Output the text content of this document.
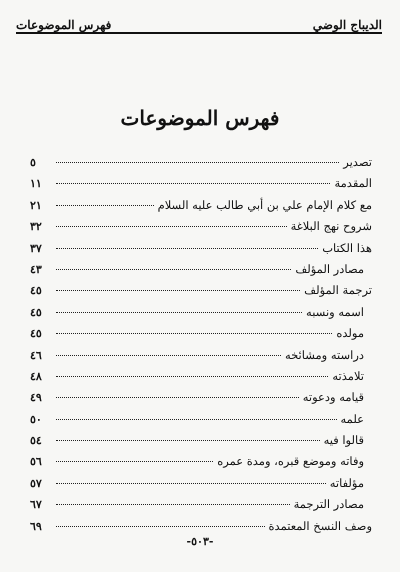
الديباج الوضي
فهرس الموضوعات
فهرس الموضوعات
تصدير
٥
المقدمة
١١
مع كلام الإمام علي بن أبي طالب عليه السلام
٢١
شروح نهج البلاغة
٣٢
هذا الكتاب
٣٧
مصادر المؤلف
٤٣
ترجمة المؤلف
٤٥
اسمه ونسبه
٤٥
مولده
٤٥
دراسته ومشائخه
٤٦
تلامذته
٤٨
قيامه ودعوته
٤٩
علمه
٥٠
قالوا فيه
٥٤
وفاته وموضع قبره، ومدة عمره
٥٦
مؤلفاته
٥٧
مصادر الترجمة
٦٧
وصف النسخ المعتمدة
٦٩
-٥٠٣-
